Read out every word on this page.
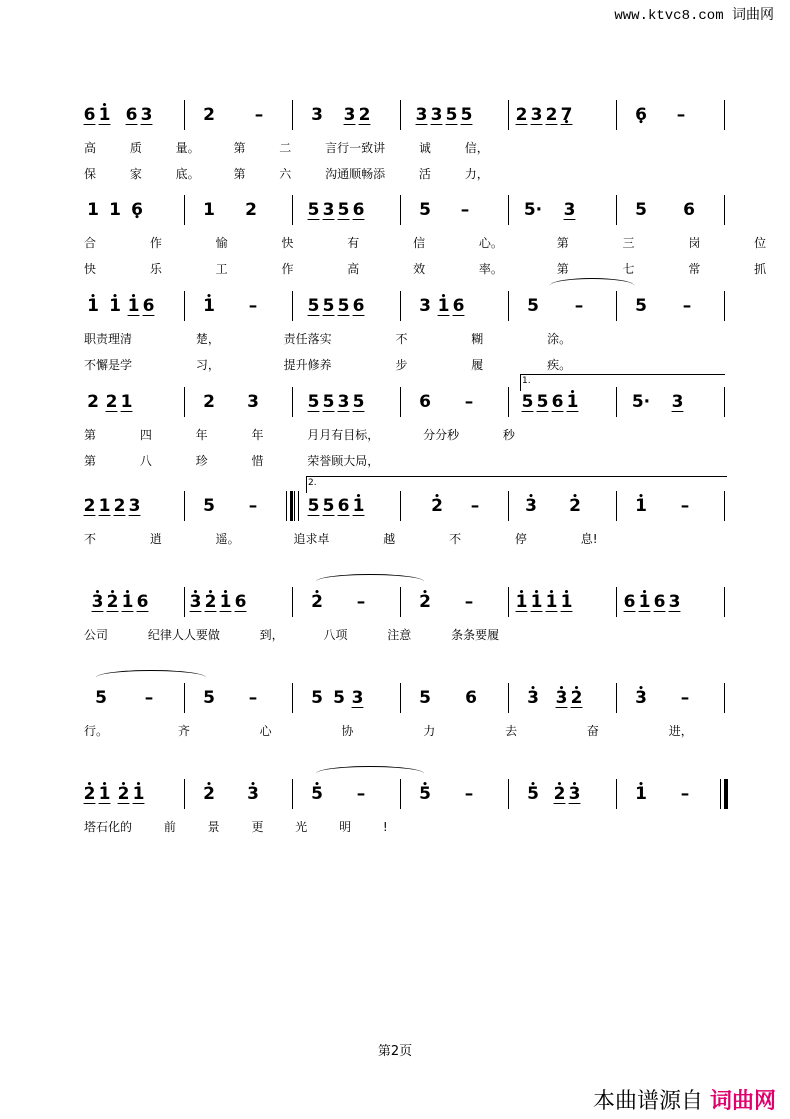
www.ktvc8.com 词曲网
6 • 1 6 3	2	–	3 3 2	3 3 5 5	2 3 2 7 •	6 •	–
高 质 量。 第 二 言行一致讲 诚 信，
保 家 底。 第 六 沟通顺畅添 活 力，
1 1 6 •	1 2	5 3 5 6	5	–	5· 3	5 6
合 作 愉 快 有 信 心。 第 三 岗 位
快 乐 工 作 高 效 率。 第 七 常 抓
• 1 • 1 • 1 6	• 1	–	5 5 5 6	3 • 1 6	5	–	5	–
职责理清 楚， 责任落实 不 糊 涂。
不懈是学 习， 提升修养 步 履 疾。
1.
2 2 1	2 3	5 5 3 5	6	–	5 5 6 • 1	5· 3
第 四 年 年 月月有目标， 分分秒 秒
第 八 珍 惜 荣誉顾大局，
2.
2 1 2 3	5	–	5 5 6 • 1	• 2	–	• 3 • 2	• 1	–
不 逍 遥。 追求卓 越 不 停 息!
• 3 • 2 • 1 6 • 3 • 2 • 1 6	• 2	–	• 2	–	• 1 • 1 • 1 • 1	6 • 1 6 3
公司 纪律人人要做 到， 八项 注意 条条要履
5	–	5	–	5 5 3	5 6	• 3 • 3 • 2	• 3	–
行。 齐 心 协 力 去 奋 进，
• 2 • 1 • 2 • 1	• 2 • 3	• 5	–	• 5	–	• 5 • 2 • 3	• 1	–
塔石化的 前 景 更 光 明 !
第2页
本曲谱源自 词曲网
